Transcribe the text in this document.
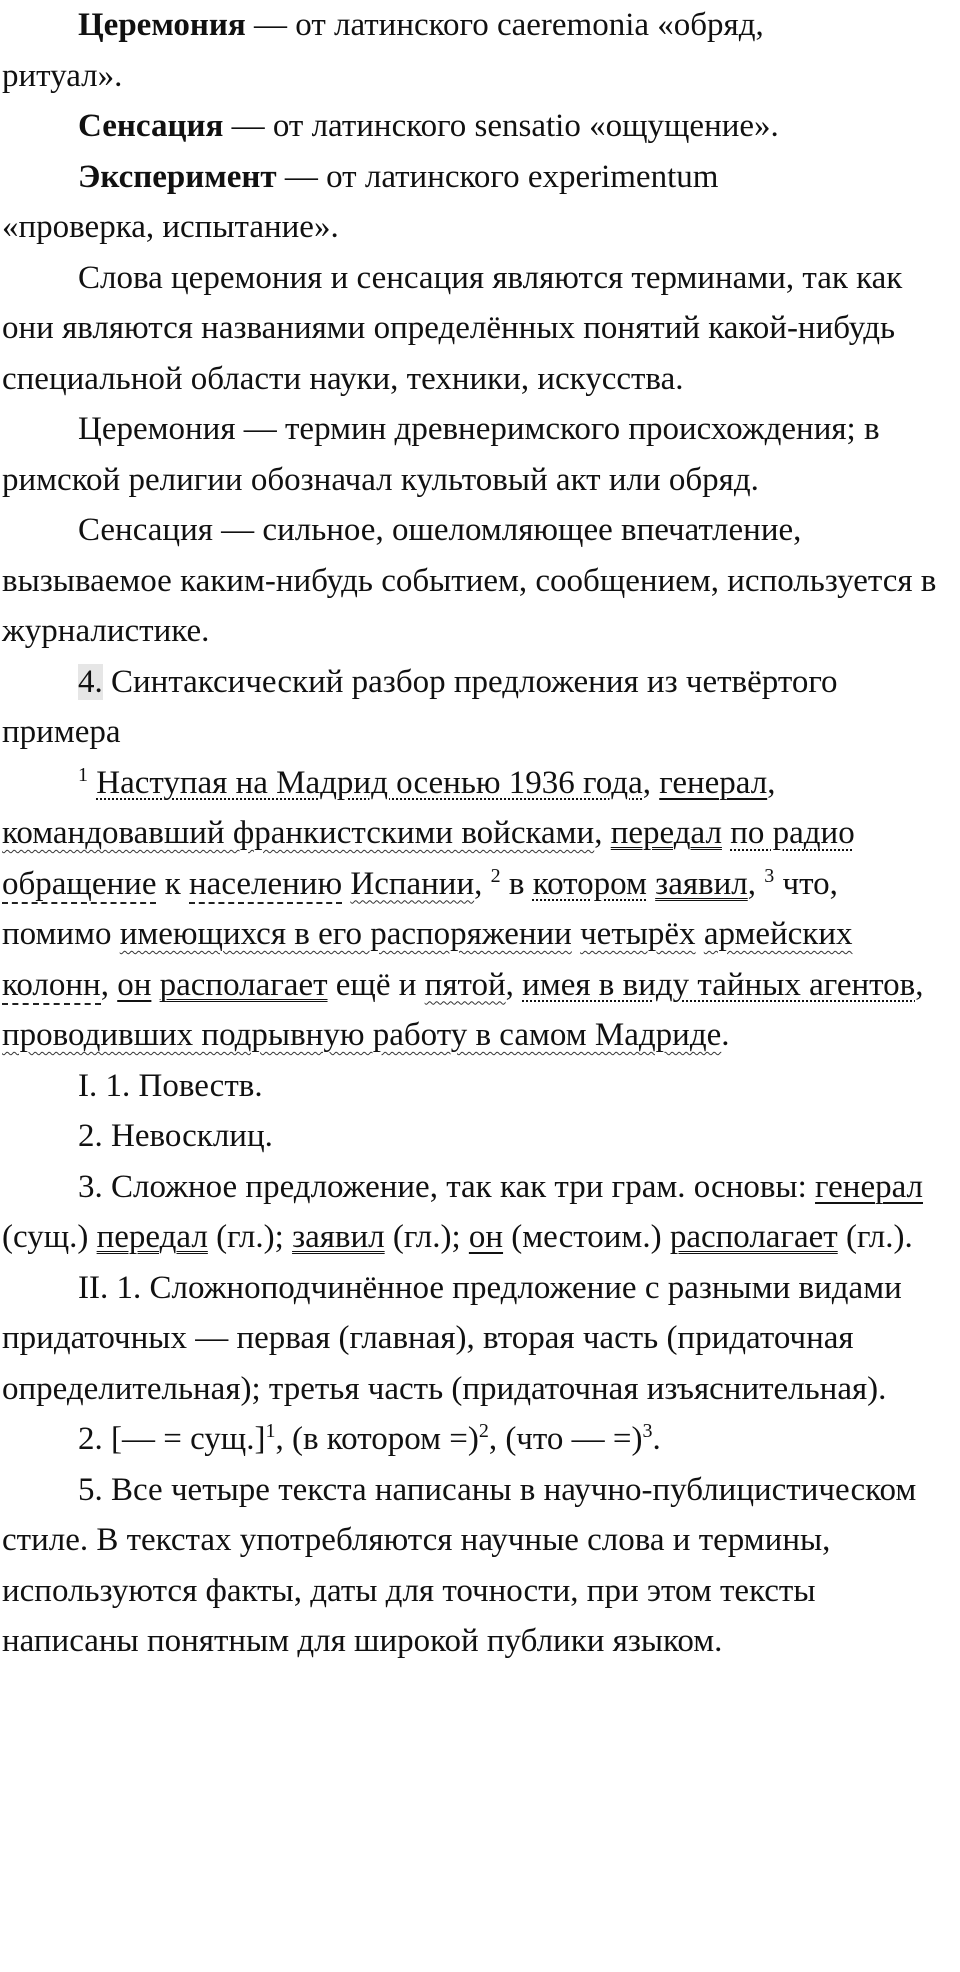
Церемония — от латинского caeremonia «обряд,
ритуал».

Сенсация — от латинского sensatio «ощущение».

Эксперимент — от латинского experimentum
«проверка, испытание».

Слова церемония и сенсация являются терминами, так как они являются названиями определённых понятий какой-нибудь специальной области науки, техники, искусства.

Церемония — термин древнеримского происхождения; в римской религии обозначал культовый акт или обряд.

Сенсация — сильное, ошеломляющее впечатление, вызываемое каким-нибудь событием, сообщением, используется в журналистике.

4. Синтаксический разбор предложения из четвёртого примера

$^1$ Наступая на Мадрид осенью 1936 года, генерал, командовавший франкистскими войсками, передал по радио обращение к населению Испании, $^2$ в котором заявил, $^3$ что, помимо имеющихся в его распоряжении четырёх армейских колонн, он располагает ещё и пятой, имея в виду тайных агентов, проводивших подрывную работу в самом Мадриде.

I. 1. Повеств.

2. Невосклиц.

3. Сложное предложение, так как три грам. основы: генерал (сущ.) передал (гл.); заявил (гл.); он (местоим.) располагает (гл.).

II. 1. Сложноподчинённое предложение с разными видами придаточных — первая (главная), вторая часть (придаточная определительная); третья часть (придаточная изъяснительная).

2. [— = сущ.]$^1$, (в котором =)$^2$, (что — =)$^3$.

5. Все четыре текста написаны в научно-публицистическом стиле. В текстах употребляются научные слова и термины, используются факты, даты для точности, при этом тексты написаны понятным для широкой публики языком.
